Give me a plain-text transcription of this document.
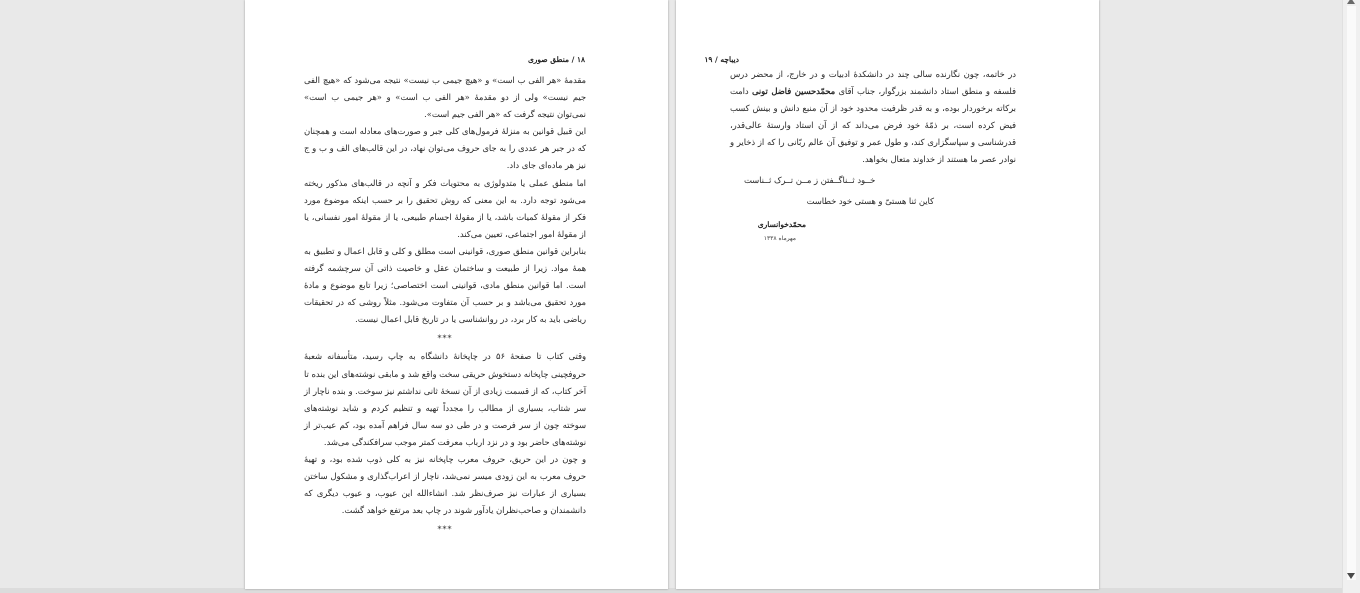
۱۸ / منطق صوری

مقدمهٔ «هر الفی ب است» و «هیچ جیمی ب نیست» نتیجه می‌شود که «هیچ الفی جیم نیست» ولی از دو مقدمهٔ «هر الفی ب است» و «هر جیمی ب است» نمی‌توان نتیجه گرفت که «هر الفی جیم است».

این قبیل قوانین به منزلهٔ فرمول‌های کلی جبر و صورت‌های معادله است و همچنان که در جبر هر عددی را به جای حروف می‌توان نهاد، در این قالب‌های الف و ب و ج نیز هر ماده‌ای جای داد.

اما منطق عملی یا متدولوژی به محتویات فکر و آنچه در قالب‌های مذکور ریخته می‌شود توجه دارد. به این معنی که روش تحقیق را بر حسب اینکه موضوع مورد فکر از مقولهٔ کمیات باشد، یا از مقولهٔ اجسام طبیعی، یا از مقولهٔ امور نفسانی، یا از مقولهٔ امور اجتماعی، تعیین می‌کند.

بنابراین قوانین منطق صوری، قوانینی است مطلق و کلی و قابل اعمال و تطبیق به همهٔ مواد. زیرا از طبیعت و ساختمان عقل و خاصیت ذاتی آن سرچشمه گرفته است. اما قوانین منطق مادی، قوانینی است اختصاصی؛ زیرا تابع موضوع و مادهٔ مورد تحقیق می‌باشد و بر حسب آن متفاوت می‌شود. مثلاً روشی که در تحقیقات ریاضی باید به کار برد، در روانشناسی یا در تاریخ قابل اعمال نیست.

***

وقتی کتاب تا صفحهٔ ۵۶ در چاپخانهٔ دانشگاه به چاپ رسید، متأسفانه شعبهٔ حروفچینی چاپخانه دستخوش حریقی سخت واقع شد و مابقی نوشته‌های این بنده تا آخر کتاب، که از قسمت زیادی از آن نسخهٔ ثانی نداشتم نیز سوخت. و بنده ناچار از سر شتاب، بسیاری از مطالب را مجدداً تهیه و تنظیم کردم و شاید نوشته‌های سوخته چون از سر فرصت و در طی دو سه سال فراهم آمده بود، کم عیب‌تر از نوشته‌های حاضر بود و در نزد ارباب معرفت کمتر موجب سرافکندگی می‌شد.

و چون در این حریق، حروف معرب چاپخانه نیز به کلی ذوب شده بود، و تهیهٔ حروف معرب به این زودی میسر نمی‌شد، ناچار از اعراب‌گذاری و مشکول ساختن بسیاری از عبارات نیز صرف‌نظر شد. انشاءالله این عیوب، و عیوب دیگری که دانشمندان و صاحب‌نظران یادآور شوند در چاپ بعد مرتفع خواهد گشت.

***
دیباچه / ۱۹

در خاتمه، چون نگارنده سالی چند در دانشکدهٔ ادبیات و در خارج، از محضر درس فلسفه و منطق استاد دانشمند بزرگوار، جناب آقای محمّدحسین فاضل تونی دامت برکاته برخوردار بوده، و به قدر ظرفیت محدود خود از آن منبع دانش و بینش کسب فیض کرده است، بر ذمّهٔ خود فرض می‌داند که از آن استاد وارستهٔ عالی‌قدر، قدرشناسی و سپاسگزاری کند، و طول عمر و توفیق آن عالم ربّانی را که از ذخایر و نوادر عصر ما هستند از خداوند متعال بخواهد.

خــود ثــناگــفتن ز مــن تــرک ثــناست
کاین ثنا هستیّ و هستی خود خطاست
محمّدخوانساری
مهرماه ۱۳۳۸
